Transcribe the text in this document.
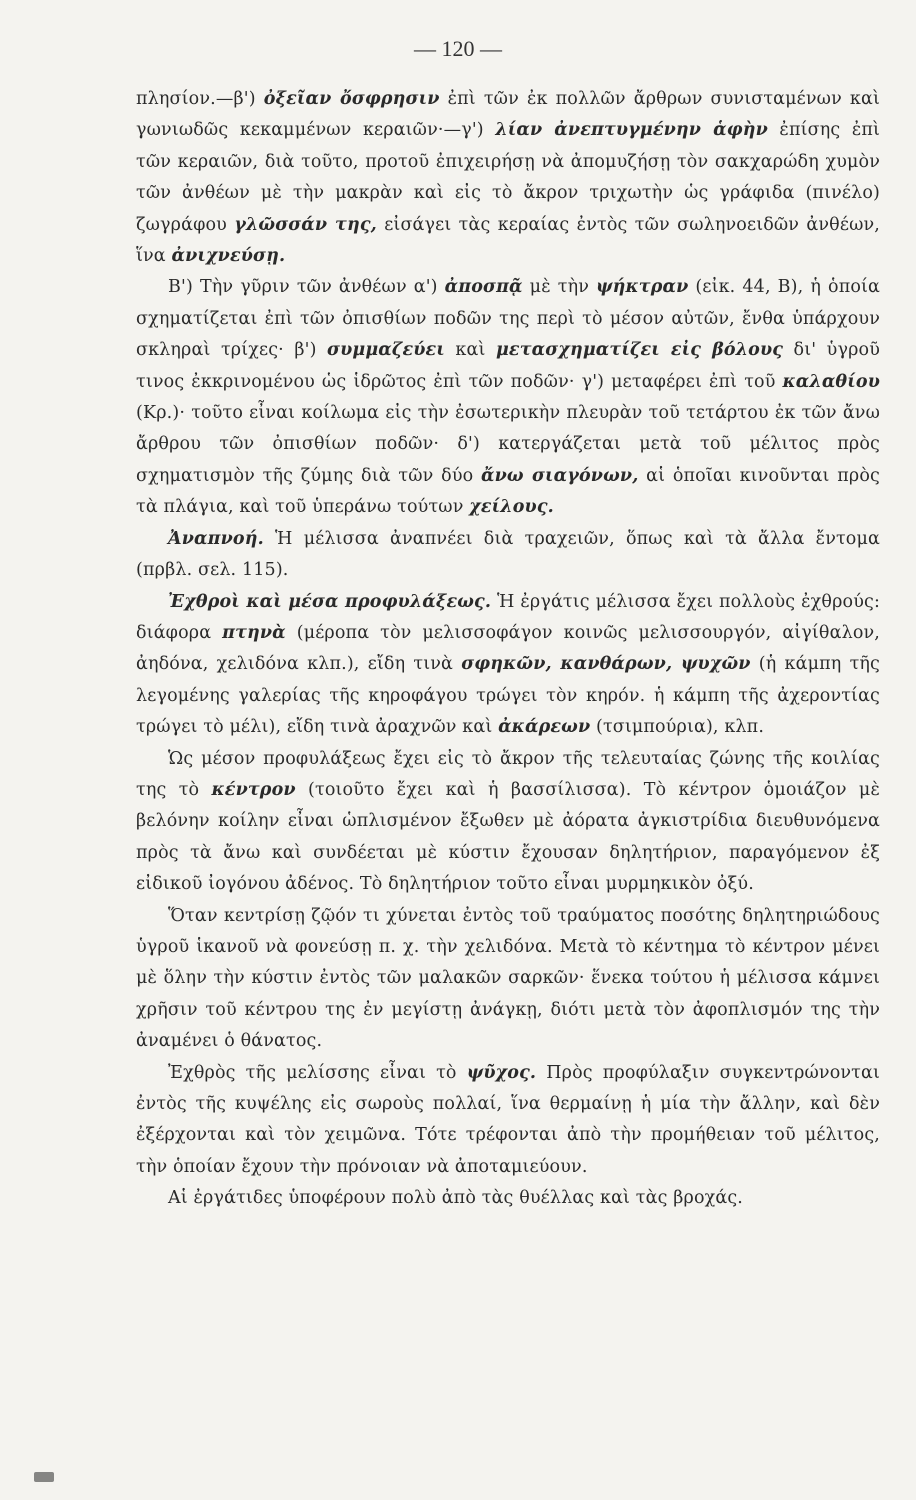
— 120 —

πλησίον.—β') ὀξεῖαν ὄσφρησιν ἐπὶ τῶν ἐκ πολλῶν ἄρθρων συνισταμένων καὶ γωνιωδῶς κεκαμμένων κεραιῶν·—γ') λίαν ἀνεπτυγμένην ἁφὴν ἐπίσης ἐπὶ τῶν κεραιῶν, διὰ τοῦτο, προτοῦ ἐπιχειρήσῃ νὰ ἀπομυζήσῃ τὸν σακχαρώδη χυμὸν τῶν ἀνθέων μὲ τὴν μακρὰν καὶ εἰς τὸ ἄκρον τριχωτὴν ὡς γράφιδα (πινέλο) ζωγράφου γλῶσσάν της, εἰσάγει τὰς κεραίας ἐντὸς τῶν σωληνοειδῶν ἀνθέων, ἵνα ἀνιχνεύσῃ.

Β') Τὴν γῦριν τῶν ἀνθέων α') ἀποσπᾷ μὲ τὴν ψήκτραν (εἰκ. 44, Β), ἡ ὁποία σχηματίζεται ἐπὶ τῶν ὀπισθίων ποδῶν της περὶ τὸ μέσον αὐτῶν, ἔνθα ὑπάρχουν σκληραὶ τρίχες· β') συμμαζεύει καὶ μετασχηματίζει εἰς βόλους δι' ὑγροῦ τινος ἐκκρινομένου ὡς ἱδρῶτος ἐπὶ τῶν ποδῶν· γ') μεταφέρει ἐπὶ τοῦ καλαθίου (Κρ.)· τοῦτο εἶναι κοίλωμα εἰς τὴν ἐσωτερικὴν πλευρὰν τοῦ τετάρτου ἐκ τῶν ἄνω ἄρθρου τῶν ὀπισθίων ποδῶν· δ') κατεργάζεται μετὰ τοῦ μέλιτος πρὸς σχηματισμὸν τῆς ζύμης διὰ τῶν δύο ἄνω σιαγόνων, αἱ ὁποῖαι κινοῦνται πρὸς τὰ πλάγια, καὶ τοῦ ὑπεράνω τούτων χείλους.

Ἀναπνοή. Ἡ μέλισσα ἀναπνέει διὰ τραχειῶν, ὅπως καὶ τὰ ἄλλα ἔντομα (πρβλ. σελ. 115).

Ἐχθροὶ καὶ μέσα προφυλάξεως. Ἡ ἐργάτις μέλισσα ἔχει πολλοὺς ἐχθρούς: διάφορα πτηνὰ (μέροπα τὸν μελισσοφάγον κοινῶς μελισσουργόν, αἰγίθαλον, ἀηδόνα, χελιδόνα κλπ.), εἴδη τινὰ σφηκῶν, κανθάρων, ψυχῶν (ἡ κάμπη τῆς λεγομένης γαλερίας τῆς κηροφάγου τρώγει τὸν κηρόν. ἡ κάμπη τῆς ἀχεροντίας τρώγει τὸ μέλι), εἴδη τινὰ ἀραχνῶν καὶ ἀκάρεων (τσιμπούρια), κλπ.

Ὡς μέσον προφυλάξεως ἔχει εἰς τὸ ἄκρον τῆς τελευταίας ζώνης τῆς κοιλίας της τὸ κέντρον (τοιοῦτο ἔχει καὶ ἡ βασσίλισσα). Τὸ κέντρον ὁμοιάζον μὲ βελόνην κοίλην εἶναι ὡπλισμένον ἔξωθεν μὲ ἀόρατα ἀγκιστρίδια διευθυνόμενα πρὸς τὰ ἄνω καὶ συνδέεται μὲ κύστιν ἔχουσαν δηλητήριον, παραγόμενον ἐξ εἰδικοῦ ἰογόνου ἀδένος. Τὸ δηλητήριον τοῦτο εἶναι μυρμηκικὸν ὀξύ.

Ὅταν κεντρίσῃ ζῷόν τι χύνεται ἐντὸς τοῦ τραύματος ποσότης δηλητηριώδους ὑγροῦ ἱκανοῦ νὰ φονεύσῃ π. χ. τὴν χελιδόνα. Μετὰ τὸ κέντημα τὸ κέντρον μένει μὲ ὅλην τὴν κύστιν ἐντὸς τῶν μαλακῶν σαρκῶν· ἕνεκα τούτου ἡ μέλισσα κάμνει χρῆσιν τοῦ κέντρου της ἐν μεγίστῃ ἀνάγκῃ, διότι μετὰ τὸν ἀφοπλισμόν της τὴν ἀναμένει ὁ θάνατος.

Ἐχθρὸς τῆς μελίσσης εἶναι τὸ ψῦχος. Πρὸς προφύλαξιν συγκεντρώνονται ἐντὸς τῆς κυψέλης εἰς σωροὺς πολλαί, ἵνα θερμαίνῃ ἡ μία τὴν ἄλλην, καὶ δὲν ἐξέρχονται καὶ τὸν χειμῶνα. Τότε τρέφονται ἀπὸ τὴν προμήθειαν τοῦ μέλιτος, τὴν ὁποίαν ἔχουν τὴν πρόνοιαν νὰ ἀποταμιεύουν.

Αἱ ἐργάτιδες ὑποφέρουν πολὺ ἀπὸ τὰς θυέλλας καὶ τὰς βροχάς.
